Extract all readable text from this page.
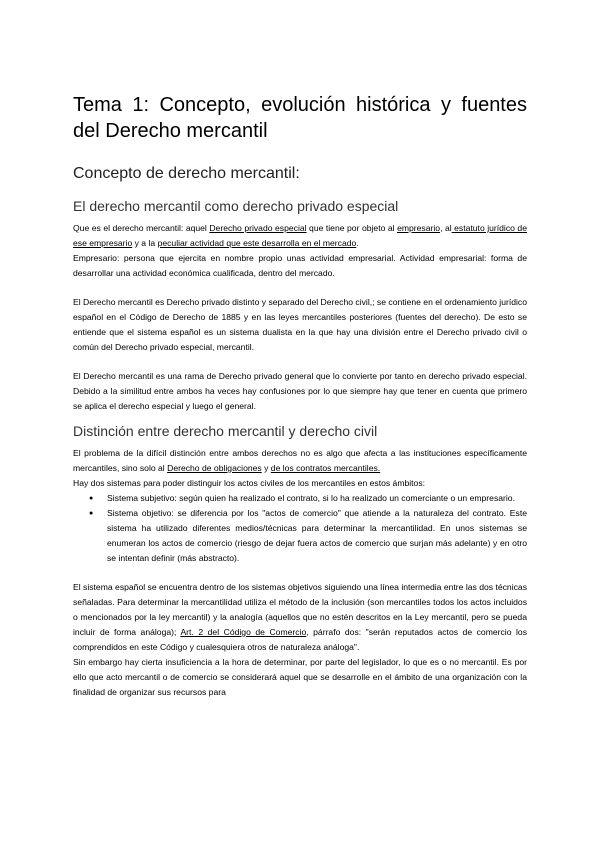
Tema 1: Concepto, evolución histórica y fuentes del Derecho mercantil
Concepto de derecho mercantil:
El derecho mercantil como derecho privado especial

Que es el derecho mercantil: aquel Derecho privado especial que tiene por objeto al empresario, al estatuto jurídico de ese empresario y a la peculiar actividad que este desarrolla en el mercado.

Empresario: persona que ejercita en nombre propio unas actividad empresarial. Actividad empresarial: forma de desarrollar una actividad económica cualificada, dentro del mercado.

El Derecho mercantil es Derecho privado distinto y separado del Derecho civil,; se contiene en el ordenamiento jurídico español en el Código de Derecho de 1885 y en las leyes mercantiles posteriores (fuentes del derecho). De esto se entiende que el sistema español es un sistema dualista en la que hay una división entre el Derecho privado civil o común del Derecho privado especial, mercantil.

El Derecho mercantil es una rama de Derecho privado general que lo convierte por tanto en derecho privado especial. Debido a la similitud entre ambos ha veces hay confusiones por lo que siempre hay que tener en cuenta que primero se aplica el derecho especial y luego el general.

Distinción entre derecho mercantil y derecho civil

El problema de la difícil distinción entre ambos derechos no es algo que afecta a las instituciones específicamente mercantiles, sino solo al Derecho de obligaciones y de los contratos mercantiles.

Hay dos sistemas para poder distinguir los actos civiles de los mercantiles en estos ámbitos:

● Sistema subjetivo: según quien ha realizado el contrato, si lo ha realizado un comerciante o un empresario.
● Sistema objetivo: se diferencia por los "actos de comercio" que atiende a la naturaleza del contrato. Este sistema ha utilizado diferentes medios/técnicas para determinar la mercantilidad. En unos sistemas se enumeran los actos de comercio (riesgo de dejar fuera actos de comercio que surjan más adelante) y en otro se intentan definir (más abstracto).

El sistema español se encuentra dentro de los sistemas objetivos siguiendo una línea intermedia entre las dos técnicas señaladas. Para determinar la mercantilidad utiliza el método de la inclusión (son mercantiles todos los actos incluidos o mencionados por la ley mercantil) y la analogía (aquellos que no estén descritos en la Ley mercantil, pero se pueda incluir de forma análoga); Art. 2 del Código de Comercio, párrafo dos: "serán reputados actos de comercio los comprendidos en este Código y cualesquiera otros de naturaleza análoga".

Sin embargo hay cierta insuficiencia a la hora de determinar, por parte del legislador, lo que es o no mercantil. Es por ello que acto mercantil o de comercio se considerará aquel que se desarrolle en el ámbito de una organización con la finalidad de organizar sus recursos para
